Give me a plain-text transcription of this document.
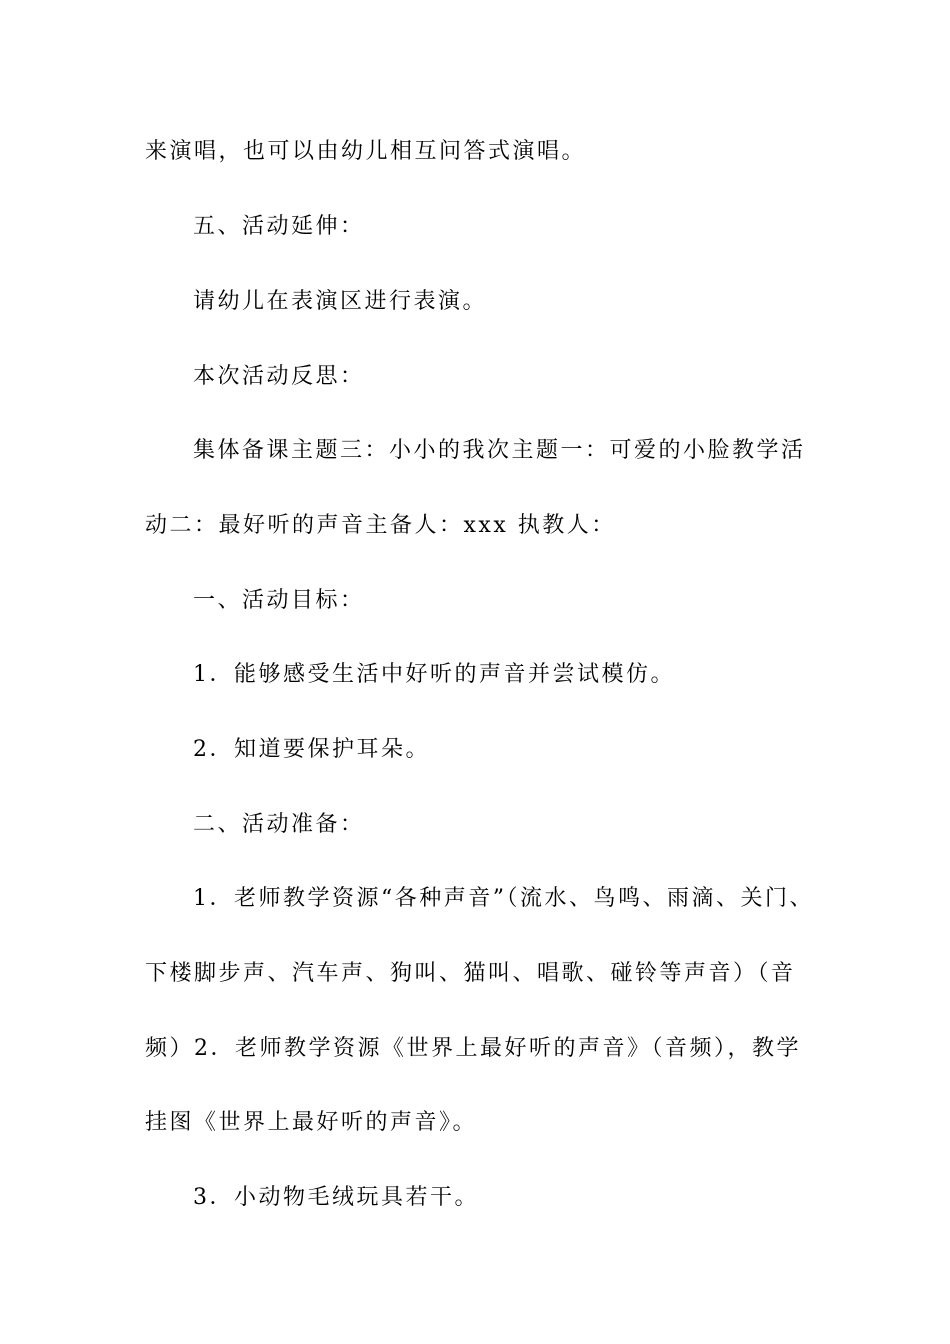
来演唱，也可以由幼儿相互问答式演唱。
五、活动延伸：
请幼儿在表演区进行表演。
本次活动反思：
集体备课主题三：小小的我次主题一：可爱的小脸教学活
动二：最好听的声音主备人：xxx 执教人：
一、活动目标：
1．能够感受生活中好听的声音并尝试模仿。
2．知道要保护耳朵。
二、活动准备：
1．老师教学资源“各种声音”（流水、鸟鸣、雨滴、关门、
下楼脚步声、汽车声、狗叫、猫叫、唱歌、碰铃等声音）（音
频）2．老师教学资源《世界上最好听的声音》（音频），教学
挂图《世界上最好听的声音》。
3．小动物毛绒玩具若干。
